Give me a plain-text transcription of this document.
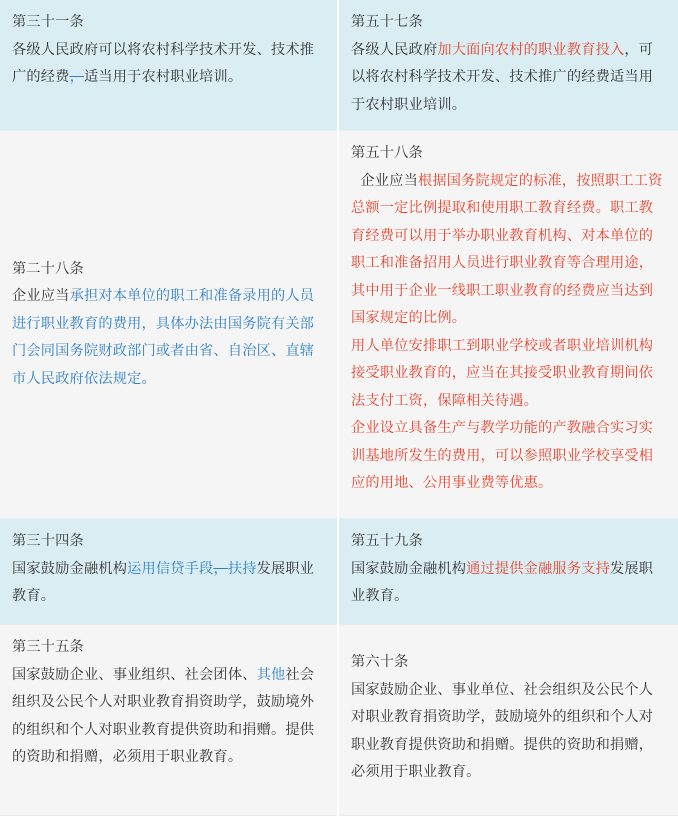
第三十一条
各级人民政府可以将农村科学技术开发、技术推广的经费，适当用于农村职业培训。
第五十七条
各级人民政府加大面向农村的职业教育投入，可以将农村科学技术开发、技术推广的经费适当用于农村职业培训。
第二十八条
企业应当承担对本单位的职工和准备录用的人员进行职业教育的费用，具体办法由国务院有关部门会同国务院财政部门或者由省、自治区、直辖市人民政府依法规定。
第五十八条
企业应当根据国务院规定的标准，按照职工工资总额一定比例提取和使用职工教育经费。职工教育经费可以用于举办职业教育机构、对本单位的职工和准备招用人员进行职业教育等合理用途，其中用于企业一线职工职业教育的经费应当达到国家规定的比例。
用人单位安排职工到职业学校或者职业培训机构接受职业教育的，应当在其接受职业教育期间依法支付工资，保障相关待遇。
企业设立具备生产与教学功能的产教融合实习实训基地所发生的费用，可以参照职业学校享受相应的用地、公用事业费等优惠。
第三十四条
国家鼓励金融机构运用信贷手段，扶持发展职业教育。
第五十九条
国家鼓励金融机构通过提供金融服务支持发展职业教育。
第三十五条
国家鼓励企业、事业组织、社会团体、其他社会组织及公民个人对职业教育捐资助学，鼓励境外的组织和个人对职业教育提供资助和捐赠。提供的资助和捐赠，必须用于职业教育。
第六十条
国家鼓励企业、事业单位、社会组织及公民个人对职业教育捐资助学，鼓励境外的组织和个人对职业教育提供资助和捐赠。提供的资助和捐赠，必须用于职业教育。
